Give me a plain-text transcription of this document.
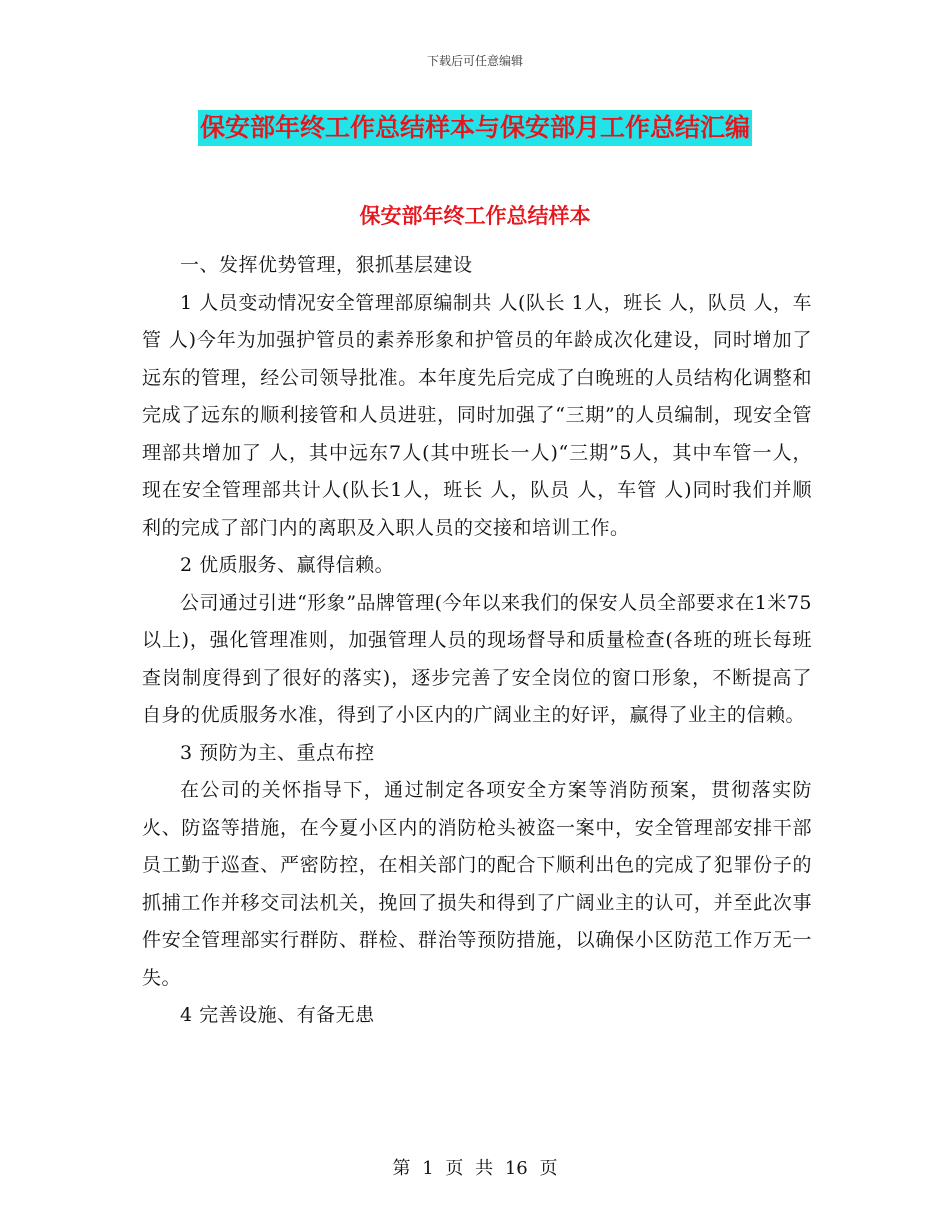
下载后可任意编辑
保安部年终工作总结样本与保安部月工作总结汇编
保安部年终工作总结样本

一、发挥优势管理，狠抓基层建设

1 人员变动情况安全管理部原编制共 人(队长 1人，班长 人，队员 人，车管 人)今年为加强护管员的素养形象和护管员的年龄成次化建设，同时增加了远东的管理，经公司领导批准。本年度先后完成了白晚班的人员结构化调整和完成了远东的顺利接管和人员进驻，同时加强了“三期”的人员编制，现安全管理部共增加了 人，其中远东7人(其中班长一人)“三期”5人，其中车管一人，现在安全管理部共计人(队长1人，班长 人，队员 人，车管 人)同时我们并顺利的完成了部门内的离职及入职人员的交接和培训工作。

2 优质服务、赢得信赖。

公司通过引进“形象”品牌管理(今年以来我们的保安人员全部要求在1米75以上)，强化管理准则，加强管理人员的现场督导和质量检查(各班的班长每班查岗制度得到了很好的落实)，逐步完善了安全岗位的窗口形象，不断提高了自身的优质服务水准，得到了小区内的广阔业主的好评，赢得了业主的信赖。

3 预防为主、重点布控

在公司的关怀指导下，通过制定各项安全方案等消防预案，贯彻落实防火、防盗等措施，在今夏小区内的消防枪头被盗一案中，安全管理部安排干部员工勤于巡查、严密防控，在相关部门的配合下顺利出色的完成了犯罪份子的抓捕工作并移交司法机关，挽回了损失和得到了广阔业主的认可，并至此次事件安全管理部实行群防、群检、群治等预防措施，以确保小区防范工作万无一失。

4 完善设施、有备无患

第 1 页 共 16 页
